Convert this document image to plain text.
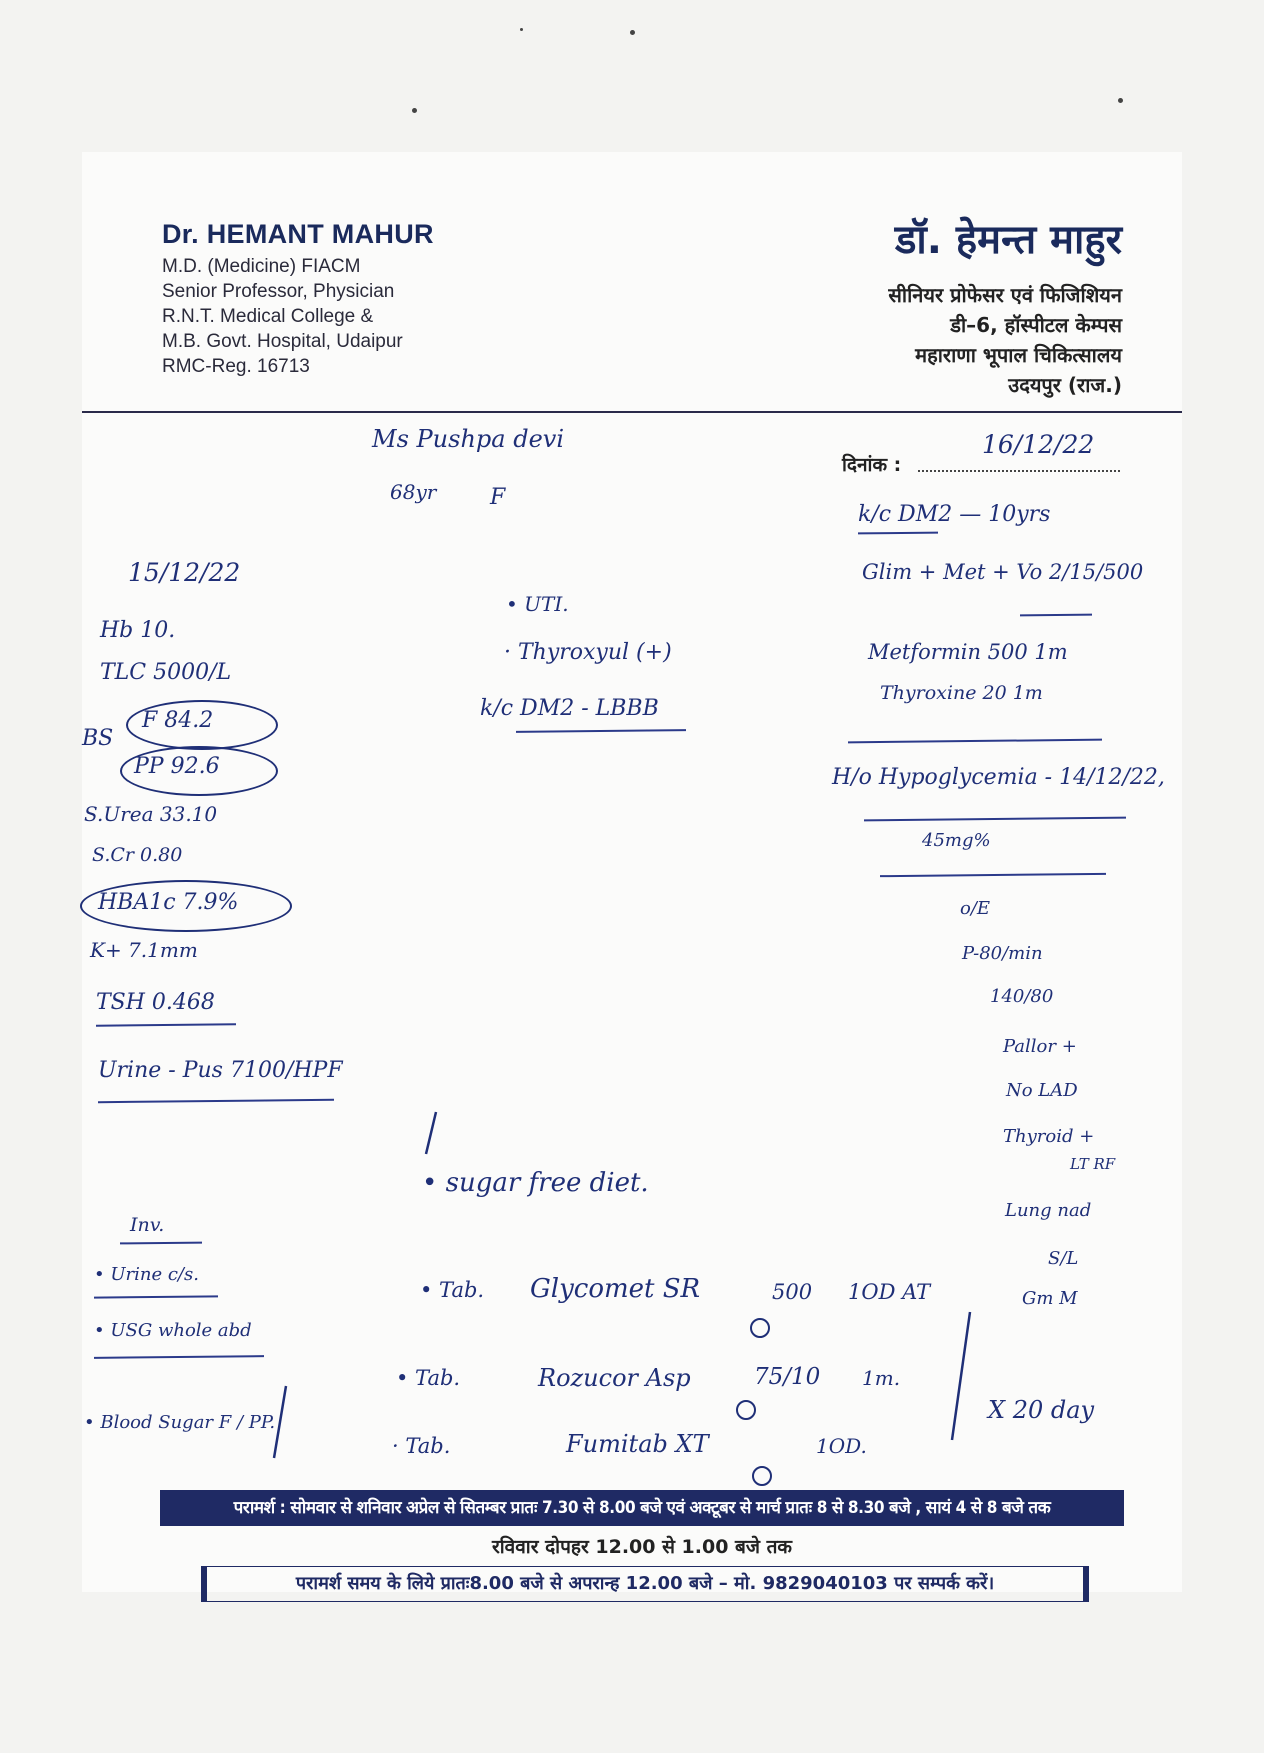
Dr. HEMANT MAHUR
M.D. (Medicine) FIACM
Senior Professor, Physician
R.N.T. Medical College &
M.B. Govt. Hospital, Udaipur
RMC-Reg. 16713
डॉ. हेमन्त माहुर
सीनियर प्रोफेसर एवं फिजिशियन
डी–6, हॉस्पीटल केम्पस
महाराणा भूपाल चिकित्सालय
उदयपुर (राज.)
Ms Pushpa devi
68yr F
दिनांक :
16/12/22
k/c DM2 — 10yrs
Glim + Met + Vo 2/15/500
Metformin 500 1m
Thyroxine 20 1m
H/o Hypoglycemia - 14/12/22,
45mg%
o/E
P-80/min
140/80
Pallor +
No LAD
Thyroid +
LT RF
Lung nad
S/L
Gm M
15/12/22
Hb 10.
TLC 5000/L
BS
F 84.2
PP 92.6
S.Urea 33.10
S.Cr 0.80
HBA1c 7.9%
K+ 7.1mm
TSH 0.468
Urine - Pus 7100/HPF
• UTI.
· Thyroxyul (+)
k/c DM2 - LBBB
• sugar free diet.
Inv.
• Urine c/s.
• USG whole abd
• Blood Sugar F / PP.
• Tab. Glycomet SR	500 1OD AT
• Tab.	Rozucor Asp	75/10 1m.
· Tab.	Fumitab XT	1OD.
X 20 day
परामर्श : सोमवार से शनिवार अप्रेल से सितम्बर प्रातः 7.30 से 8.00 बजे एवं अक्टूबर से मार्च प्रातः 8 से 8.30 बजे , सायं 4 से 8 बजे तक
रविवार दोपहर 12.00 से 1.00 बजे तक
परामर्श समय के लिये प्रातः8.00 बजे से अपरान्ह 12.00 बजे – मो. 9829040103 पर सम्पर्क करें।
